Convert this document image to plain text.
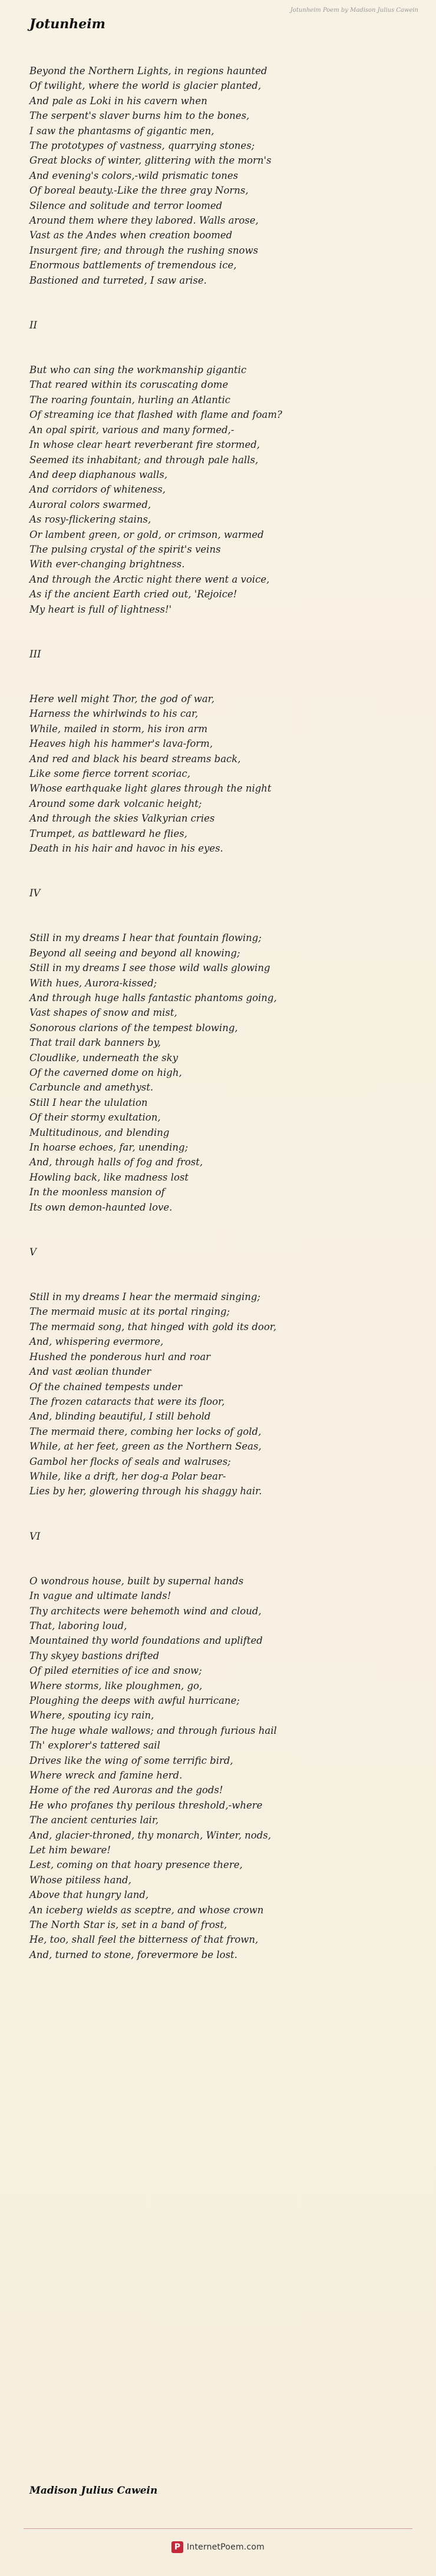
Jotunheim Poem by Madison Julius Cawein
Jotunheim
Beyond the Northern Lights, in regions haunted
Of twilight, where the world is glacier planted,
And pale as Loki in his cavern when
The serpent's slaver burns him to the bones,
I saw the phantasms of gigantic men,
The prototypes of vastness, quarrying stones;
Great blocks of winter, glittering with the morn's
And evening's colors,-wild prismatic tones
Of boreal beauty.-Like the three gray Norns,
Silence and solitude and terror loomed
Around them where they labored. Walls arose,
Vast as the Andes when creation boomed
Insurgent fire; and through the rushing snows
Enormous battlements of tremendous ice,
Bastioned and turreted, I saw arise.
II
But who can sing the workmanship gigantic
That reared within its coruscating dome
The roaring fountain, hurling an Atlantic
Of streaming ice that flashed with flame and foam?
An opal spirit, various and many formed,-
In whose clear heart reverberant fire stormed,
Seemed its inhabitant; and through pale halls,
And deep diaphanous walls,
And corridors of whiteness,
Auroral colors swarmed,
As rosy-flickering stains,
Or lambent green, or gold, or crimson, warmed
The pulsing crystal of the spirit's veins
With ever-changing brightness.
And through the Arctic night there went a voice,
As if the ancient Earth cried out, 'Rejoice!
My heart is full of lightness!'
III
Here well might Thor, the god of war,
Harness the whirlwinds to his car,
While, mailed in storm, his iron arm
Heaves high his hammer's lava-form,
And red and black his beard streams back,
Like some fierce torrent scoriac,
Whose earthquake light glares through the night
Around some dark volcanic height;
And through the skies Valkyrian cries
Trumpet, as battleward he flies,
Death in his hair and havoc in his eyes.
IV
Still in my dreams I hear that fountain flowing;
Beyond all seeing and beyond all knowing;
Still in my dreams I see those wild walls glowing
With hues, Aurora-kissed;
And through huge halls fantastic phantoms going,
Vast shapes of snow and mist,
Sonorous clarions of the tempest blowing,
That trail dark banners by,
Cloudlike, underneath the sky
Of the caverned dome on high,
Carbuncle and amethyst.
Still I hear the ululation
Of their stormy exultation,
Multitudinous, and blending
In hoarse echoes, far, unending;
And, through halls of fog and frost,
Howling back, like madness lost
In the moonless mansion of
Its own demon-haunted love.
V
Still in my dreams I hear the mermaid singing;
The mermaid music at its portal ringing;
The mermaid song, that hinged with gold its door,
And, whispering evermore,
Hushed the ponderous hurl and roar
And vast æolian thunder
Of the chained tempests under
The frozen cataracts that were its floor,
And, blinding beautiful, I still behold
The mermaid there, combing her locks of gold,
While, at her feet, green as the Northern Seas,
Gambol her flocks of seals and walruses;
While, like a drift, her dog-a Polar bear-
Lies by her, glowering through his shaggy hair.
VI
O wondrous house, built by supernal hands
In vague and ultimate lands!
Thy architects were behemoth wind and cloud,
That, laboring loud,
Mountained thy world foundations and uplifted
Thy skyey bastions drifted
Of piled eternities of ice and snow;
Where storms, like ploughmen, go,
Ploughing the deeps with awful hurricane;
Where, spouting icy rain,
The huge whale wallows; and through furious hail
Th' explorer's tattered sail
Drives like the wing of some terrific bird,
Where wreck and famine herd.
Home of the red Auroras and the gods!
He who profanes thy perilous threshold,-where
The ancient centuries lair,
And, glacier-throned, thy monarch, Winter, nods,
Let him beware!
Lest, coming on that hoary presence there,
Whose pitiless hand,
Above that hungry land,
An iceberg wields as sceptre, and whose crown
The North Star is, set in a band of frost,
He, too, shall feel the bitterness of that frown,
And, turned to stone, forevermore be lost.
Madison Julius Cawein
P InternetPoem.com
